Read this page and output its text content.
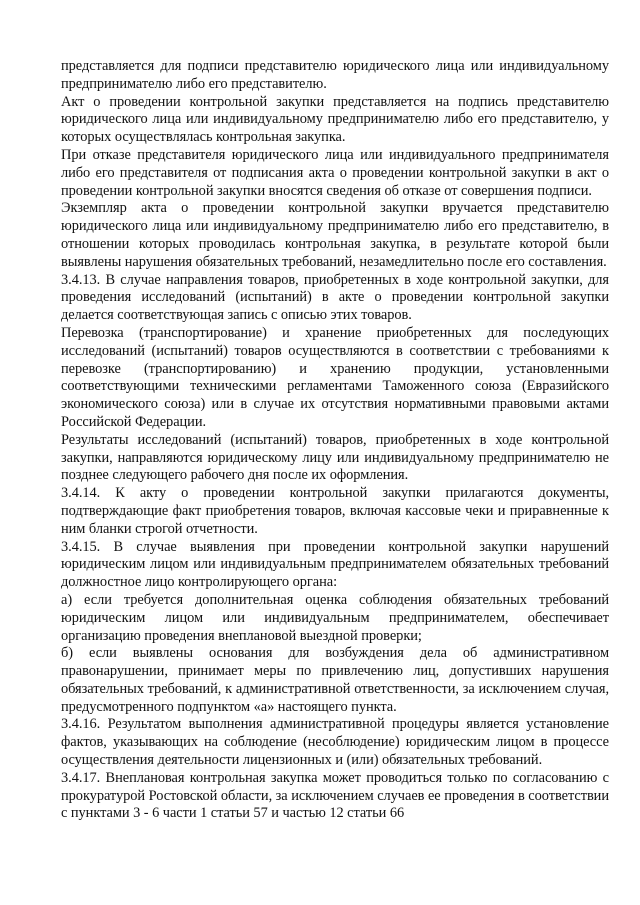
представляется для подписи представителю юридического лица или индивидуальному предпринимателю либо его представителю.

Акт о проведении контрольной закупки представляется на подпись представителю юридического лица или индивидуальному предпринимателю либо его представителю, у которых осуществлялась контрольная закупка.

При отказе представителя юридического лица или индивидуального предпринимателя либо его представителя от подписания акта о проведении контрольной закупки в акт о проведении контрольной закупки вносятся сведения об отказе от совершения подписи.

Экземпляр акта о проведении контрольной закупки вручается представителю юридического лица или индивидуальному предпринимателю либо его представителю, в отношении которых проводилась контрольная закупка, в результате которой были выявлены нарушения обязательных требований, незамедлительно после его составления.

3.4.13. В случае направления товаров, приобретенных в ходе контрольной закупки, для проведения исследований (испытаний) в акте о проведении контрольной закупки делается соответствующая запись с описью этих товаров.

Перевозка (транспортирование) и хранение приобретенных для последующих исследований (испытаний) товаров осуществляются в соответствии с требованиями к перевозке (транспортированию) и хранению продукции, установленными соответствующими техническими регламентами Таможенного союза (Евразийского экономического союза) или в случае их отсутствия нормативными правовыми актами Российской Федерации.

Результаты исследований (испытаний) товаров, приобретенных в ходе контрольной закупки, направляются юридическому лицу или индивидуальному предпринимателю не позднее следующего рабочего дня после их оформления.

3.4.14. К акту о проведении контрольной закупки прилагаются документы, подтверждающие факт приобретения товаров, включая кассовые чеки и приравненные к ним бланки строгой отчетности.

3.4.15. В случае выявления при проведении контрольной закупки нарушений юридическим лицом или индивидуальным предпринимателем обязательных требований должностное лицо контролирующего органа:

а) если требуется дополнительная оценка соблюдения обязательных требований юридическим лицом или индивидуальным предпринимателем, обеспечивает организацию проведения внеплановой выездной проверки;

б) если выявлены основания для возбуждения дела об административном правонарушении, принимает меры по привлечению лиц, допустивших нарушения обязательных требований, к административной ответственности, за исключением случая, предусмотренного подпунктом «а» настоящего пункта.

3.4.16. Результатом выполнения административной процедуры является установление фактов, указывающих на соблюдение (несоблюдение) юридическим лицом в процессе осуществления деятельности лицензионных и (или) обязательных требований.

3.4.17. Внеплановая контрольная закупка может проводиться только по согласованию с прокуратурой Ростовской области, за исключением случаев ее проведения в соответствии с пунктами 3 - 6 части 1 статьи 57 и частью 12 статьи 66
